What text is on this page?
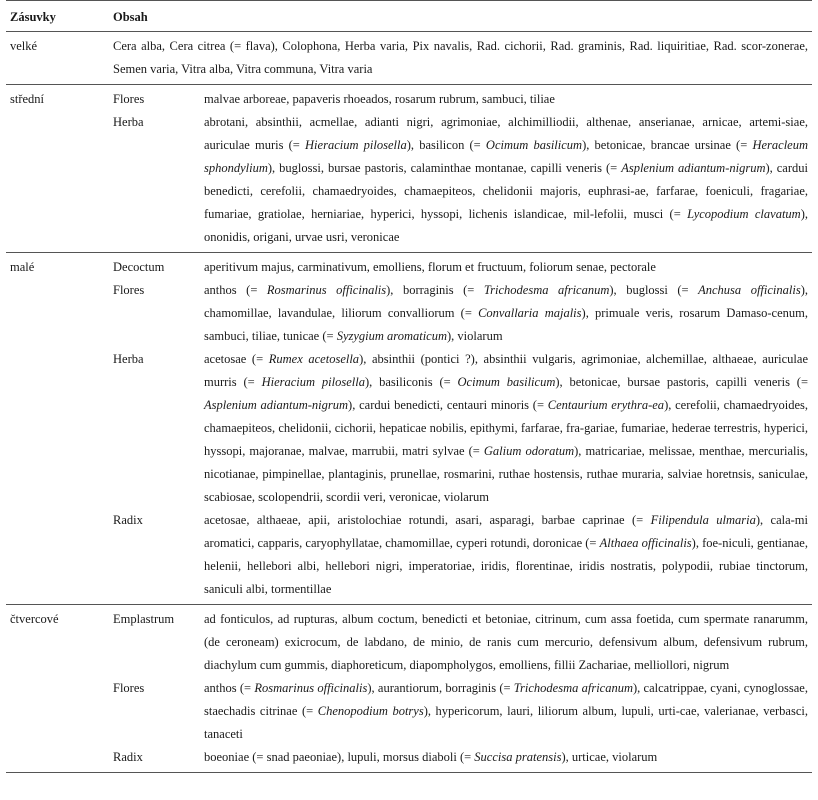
Zásuvky	Obsah	
velké	Cera alba, Cera citrea (= flava), Colophona, Herba varia, Pix navalis, Rad. cichorii, Rad. graminis, Rad. liquiritiae, Rad. scor-zonerae, Semen varia, Vitra alba, Vitra communa, Vitra varia	
střední	Flores	malvae arboreae, papaveris rhoeados, rosarum rubrum, sambuci, tiliae
	Herba	abrotani, absinthii, acmellae, adianti nigri, agrimoniae, alchimilliodii, althenae, anserianae, arnicae, artemi-siae, auriculae muris (= Hieracium pilosella), basilicon (= Ocimum basilicum), betonicae, brancae ursinae (= Heracleum sphondylium), buglossi, bursae pastoris, calaminthae montanae, capilli veneris (= Asplenium adiantum-nigrum), cardui benedicti, cerefolii, chamaedryoides, chamaepiteos, chelidonii majoris, euphrasi-ae, farfarae, foeniculi, fragariae, fumariae, gratiolae, herniariae, hyperici, hyssopi, lichenis islandicae, mil-lefolii, musci (= Lycopodium clavatum), ononidis, origani, urvae usri, veronicae
malé	Decoctum	aperitivum majus, carminativum, emolliens, florum et fructuum, foliorum senae, pectorale
	Flores	anthos (= Rosmarinus officinalis), borraginis (= Trichodesma africanum), buglossi (= Anchusa officinalis), chamomillae, lavandulae, liliorum convalliorum (= Convallaria majalis), primuale veris, rosarum Damaso-cenum, sambuci, tiliae, tunicae (= Syzygium aromaticum), violarum
	Herba	acetosae (= Rumex acetosella), absinthii (pontici ?), absinthii vulgaris, agrimoniae, alchemillae, althaeae, auriculae murris (= Hieracium pilosella), basiliconis (= Ocimum basilicum), betonicae, bursae pastoris, capilli veneris (= Asplenium adiantum-nigrum), cardui benedicti, centauri minoris (= Centaurium erythra-ea), cerefolii, chamaedryoides, chamaepiteos, chelidonii, cichorii, hepaticae nobilis, epithymi, farfarae, fra-gariae, fumariae, hederae terrestris, hyperici, hyssopi, majoranae, malvae, marrubii, matri sylvae (= Galium odoratum), matricariae, melissae, menthae, mercurialis, nicotianae, pimpinellae, plantaginis, prunellae, rosmarini, ruthae hostensis, ruthae muraria, salviae horetnsis, saniculae, scabiosae, scolopendrii, scordii veri, veronicae, violarum
	Radix	acetosae, althaeae, apii, aristolochiae rotundi, asari, asparagi, barbae caprinae (= Filipendula ulmaria), cala-mi aromatici, capparis, caryophyllatae, chamomillae, cyperi rotundi, doronicae (= Althaea officinalis), foe-niculi, gentianae, helenii, hellebori albi, hellebori nigri, imperatoriae, iridis, florentinae, iridis nostratis, polypodii, rubiae tinctorum, saniculi albi, tormentillae
čtvercové	Emplastrum	ad fonticulos, ad rupturas, album coctum, benedicti et betoniae, citrinum, cum assa foetida, cum spermate ranarumm, (de ceroneam) exicrocum, de labdano, de minio, de ranis cum mercurio, defensivum album, defensivum rubrum, diachylum cum gummis, diaphoreticum, diapompholygos, emolliens, fillii Zachariae, melliollori, nigrum
	Flores	anthos (= Rosmarinus officinalis), aurantiorum, borraginis (= Trichodesma africanum), calcatrippae, cyani, cynoglossae, staechadis citrinae (= Chenopodium botrys), hypericorum, lauri, liliorum album, lupuli, urti-cae, valerianae, verbasci, tanaceti
	Radix	boeoniae (= snad paeoniae), lupuli, morsus diaboli (= Succisa pratensis), urticae, violarum
